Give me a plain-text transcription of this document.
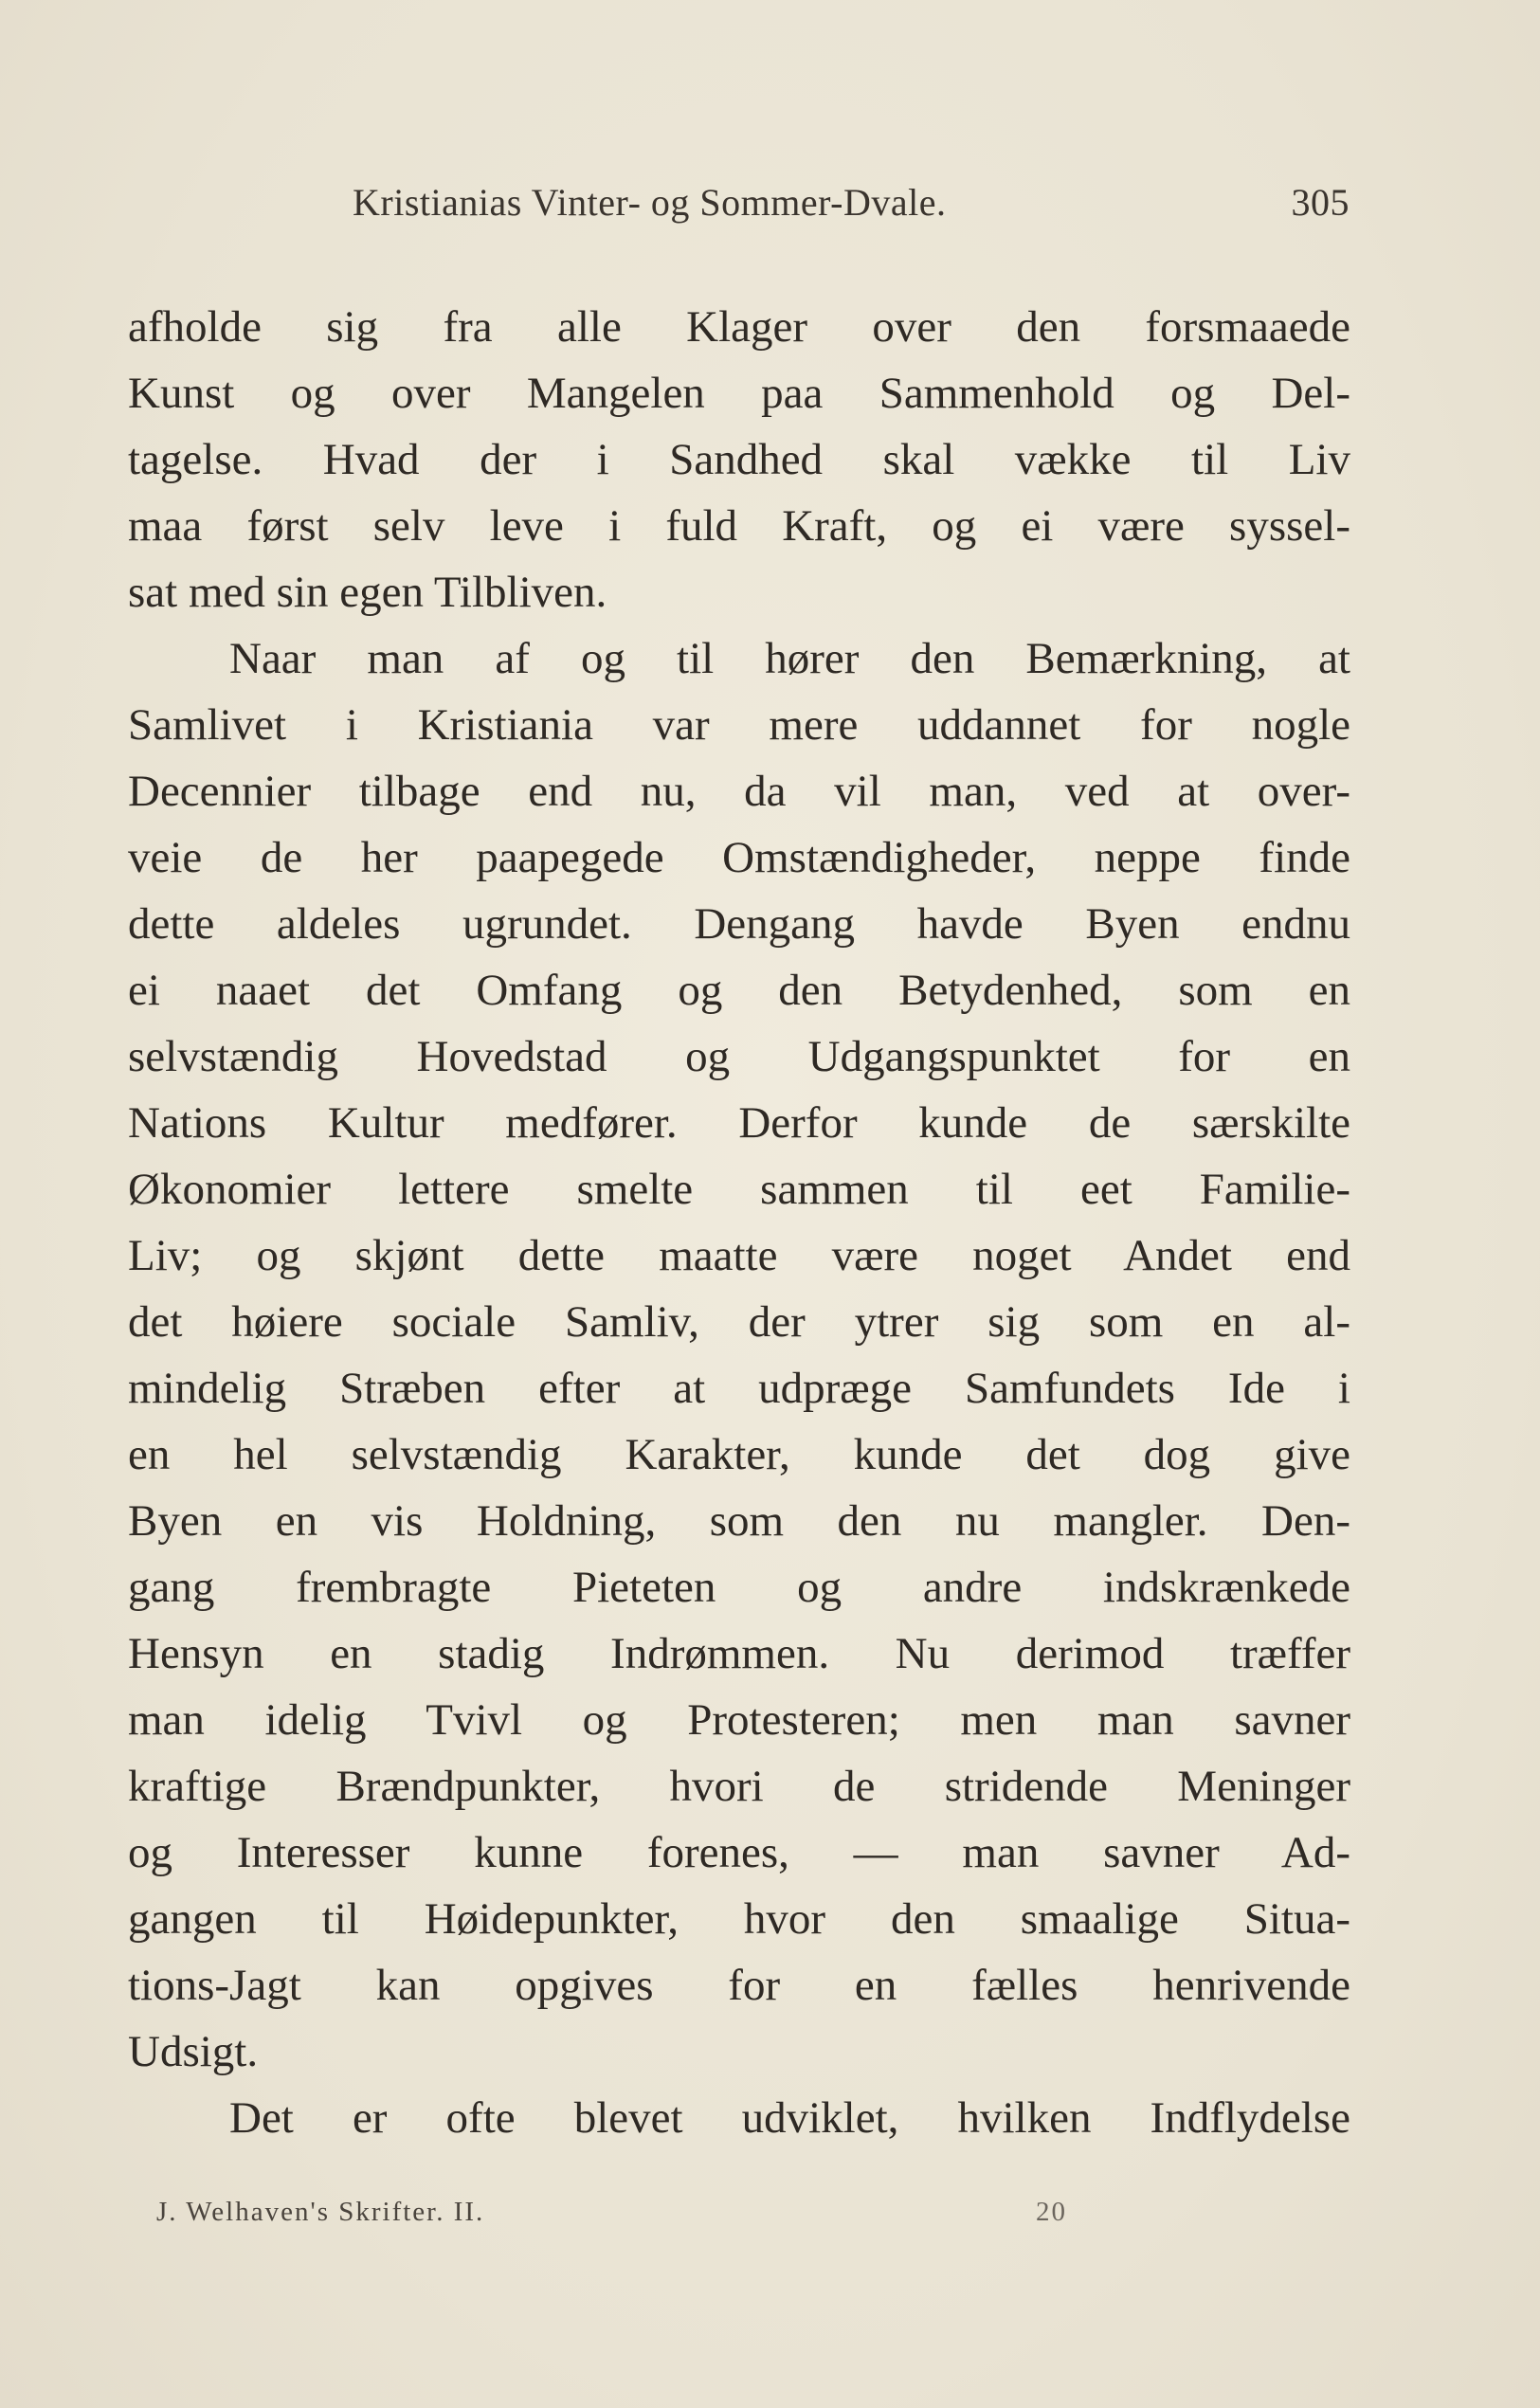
Kristianias Vinter- og Sommer-Dvale.	305
afholde sig fra alle Klager over den forsmaaede
Kunst og over Mangelen paa Sammenhold og Del-
tagelse. Hvad der i Sandhed skal vække til Liv
maa først selv leve i fuld Kraft, og ei være syssel-
sat med sin egen Tilbliven.
Naar man af og til hører den Bemærkning, at
Samlivet i Kristiania var mere uddannet for nogle
Decennier tilbage end nu, da vil man, ved at over-
veie de her paapegede Omstændigheder, neppe finde
dette aldeles ugrundet. Dengang havde Byen endnu
ei naaet det Omfang og den Betydenhed, som en
selvstændig Hovedstad og Udgangspunktet for en
Nations Kultur medfører. Derfor kunde de særskilte
Økonomier lettere smelte sammen til eet Familie-
Liv; og skjønt dette maatte være noget Andet end
det høiere sociale Samliv, der ytrer sig som en al-
mindelig Stræben efter at udpræge Samfundets Ide i
en hel selvstændig Karakter, kunde det dog give
Byen en vis Holdning, som den nu mangler. Den-
gang frembragte Pieteten og andre indskrænkede
Hensyn en stadig Indrømmen. Nu derimod træffer
man idelig Tvivl og Protesteren; men man savner
kraftige Brændpunkter, hvori de stridende Meninger
og Interesser kunne forenes, — man savner Ad-
gangen til Høidepunkter, hvor den smaalige Situa-
tions-Jagt kan opgives for en fælles henrivende
Udsigt.
Det er ofte blevet udviklet, hvilken Indflydelse
J. Welhaven's Skrifter. II.	20
